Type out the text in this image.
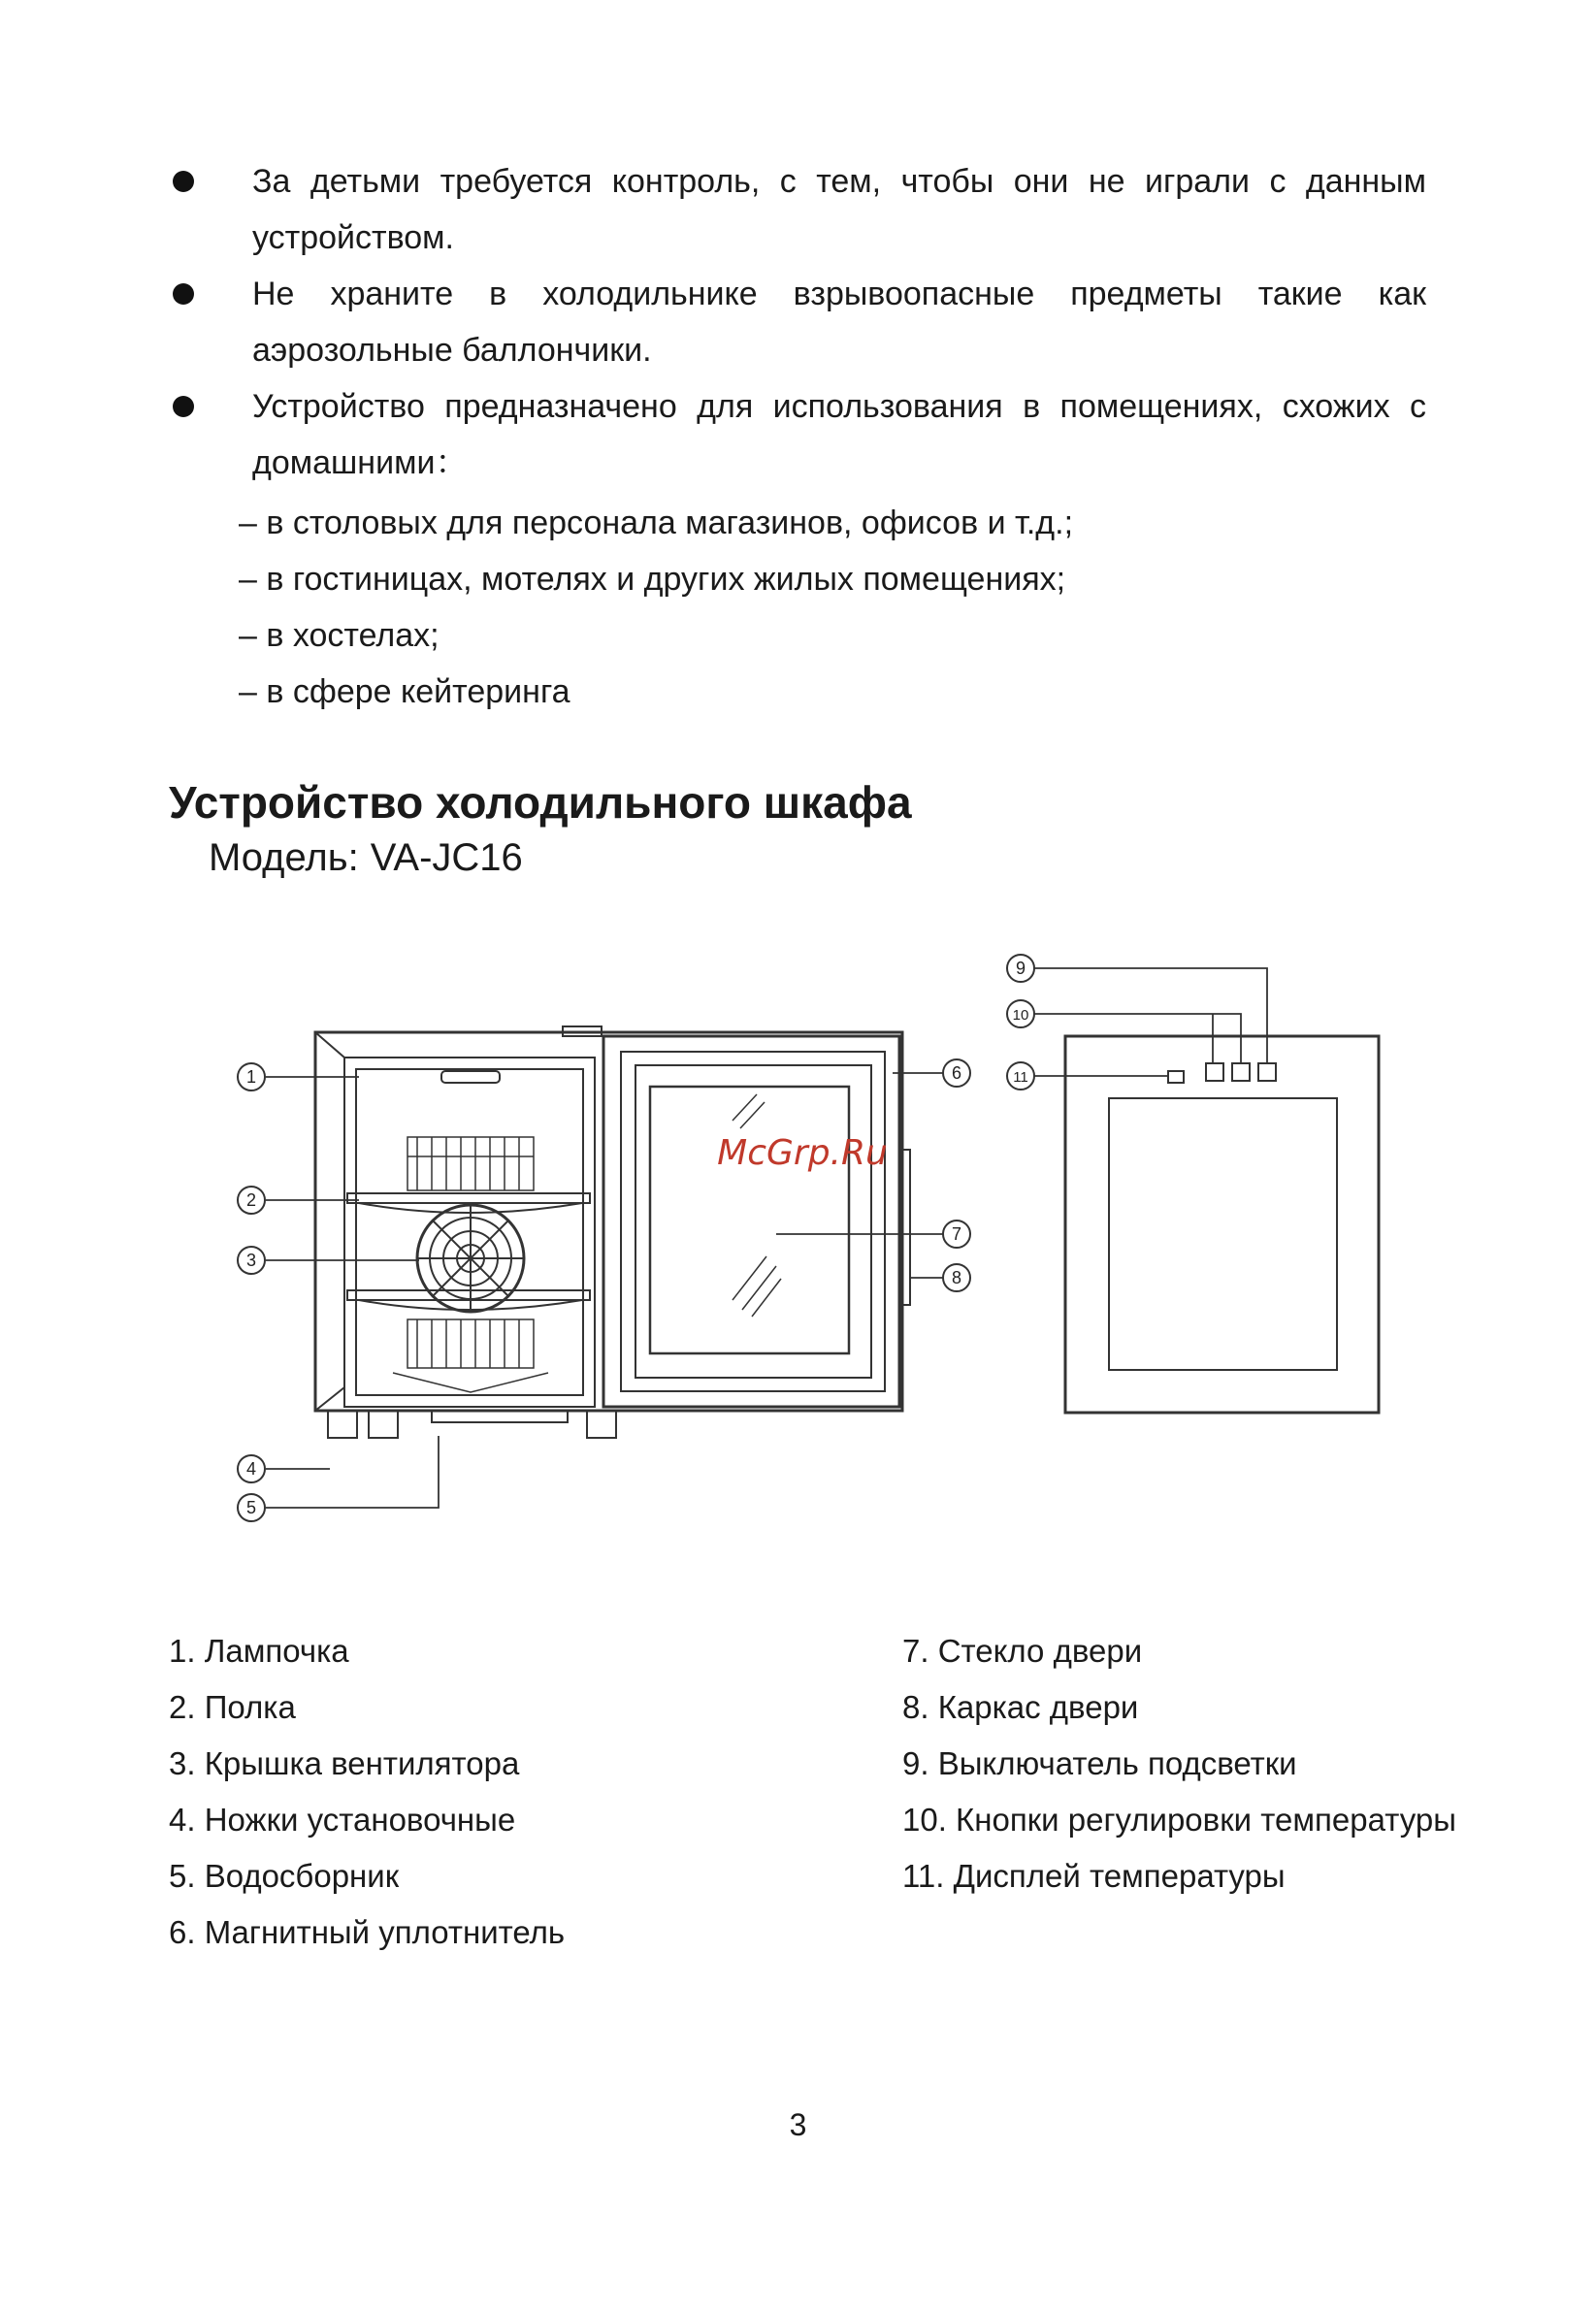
За детьми требуется контроль, с тем, чтобы они не играли с данным устройством.
Не храните в холодильнике взрывоопасные предметы такие как аэрозольные баллончики.
Устройство предназначено для использования в помещениях, схожих с домашними：
– в столовых для персонала магазинов, офисов и т.д.;
– в гостиницах, мотелях и других жилых помещениях;
– в хостелах;
– в сфере кейтеринга
Устройство холодильного шкафа
Модель: VA-JC16
1
2
3
4
5
6
7
8
9
10
11
McGrp.Ru
1. Лампочка
2. Полка
3. Крышка вентилятора
4. Ножки установочные
5. Водосборник
6. Магнитный уплотнитель
7. Стекло двери
8. Каркас двери
9. Выключатель подсветки
10. Кнопки регулировки температуры
11. Дисплей температуры
3
